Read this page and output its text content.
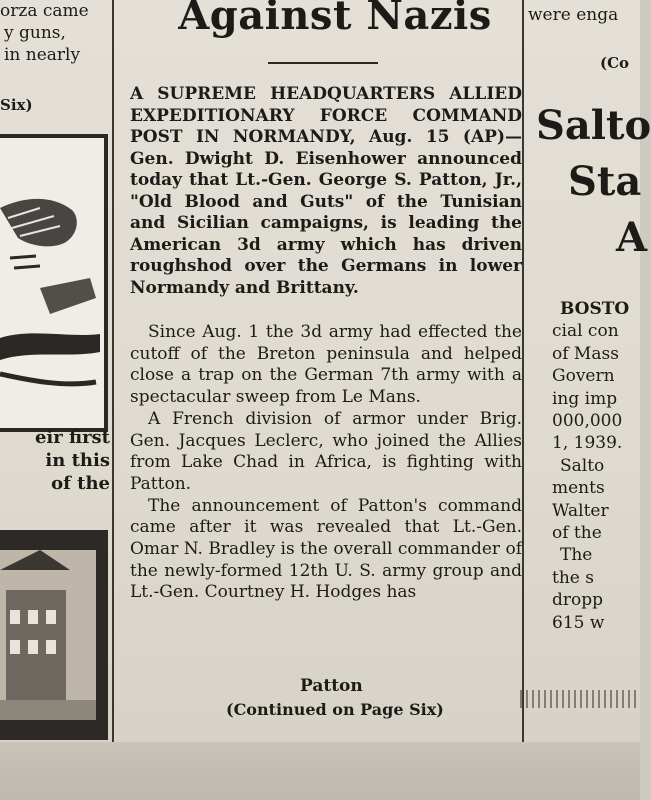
orza came
y guns,
in nearly
Six)
eir first
in this
of the
Against Nazis
A SUPREME HEADQUARTERS ALLIED EXPEDITIONARY FORCE COMMAND POST IN NORMANDY, Aug. 15 (AP)—Gen. Dwight D. Eisenhower announced today that Lt.-Gen. George S. Patton, Jr., "Old Blood and Guts" of the Tunisian and Sicilian campaigns, is leading the American 3d army which has driven roughshod over the Germans in lower Normandy and Brittany.

Since Aug. 1 the 3d army had effected the cutoff of the Breton peninsula and helped close a trap on the German 7th army with a spectacular sweep from Le Mans.

A French division of armor under Brig. Gen. Jacques Leclerc, who joined the Allies from Lake Chad in Africa, is fighting with Patton.

The announcement of Patton's command came after it was revealed that Lt.-Gen. Omar N. Bradley is the overall commander of the newly-formed 12th U. S. army group and Lt.-Gen. Courtney H. Hodges has

Patton
(Continued on Page Six)
were enga
(Co
Salto
Sta
A
BOSTO
cial con
of Mass
Govern
ing imp
000,000
1, 1939.
Salto
ments
Walter
of the
The
the s
dropp
615 w
